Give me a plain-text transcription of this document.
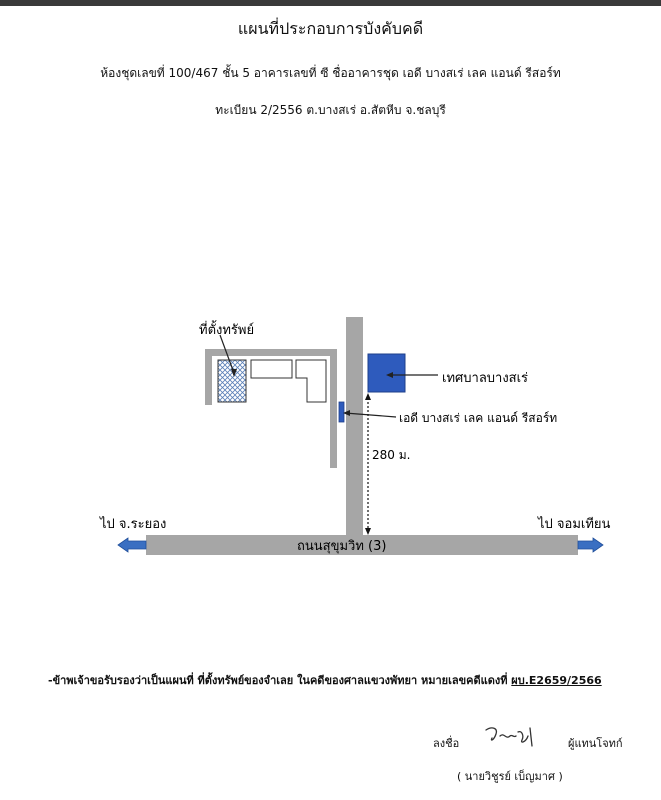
แผนที่ประกอบการบังคับคดี
ห้องชุดเลขที่ 100/467 ชั้น 5 อาคารเลขที่ ซี ชื่ออาคารชุด เอดี บางสเร่ เลค แอนด์ รีสอร์ท
ทะเบียน 2/2556 ต.บางสเร่ อ.สัตหีบ จ.ชลบุรี
ที่ตั้งทรัพย์
เทศบาลบางสเร่
เอดี บางสเร่ เลค แอนด์ รีสอร์ท
280 ม.
ถนนสุขุมวิท (3)
ไป จ.ระยอง	ไป จอมเทียน
-ข้าพเจ้าขอรับรองว่าเป็นแผนที่ ที่ตั้งทรัพย์ของจำเลย ในคดีของศาลแขวงพัทยา หมายเลขคดีแดงที่ ผบ.E2659/2566
ลงชื่อ	ผู้แทนโจทก์
( นายวิชูรย์ เบ็ญมาศ )
